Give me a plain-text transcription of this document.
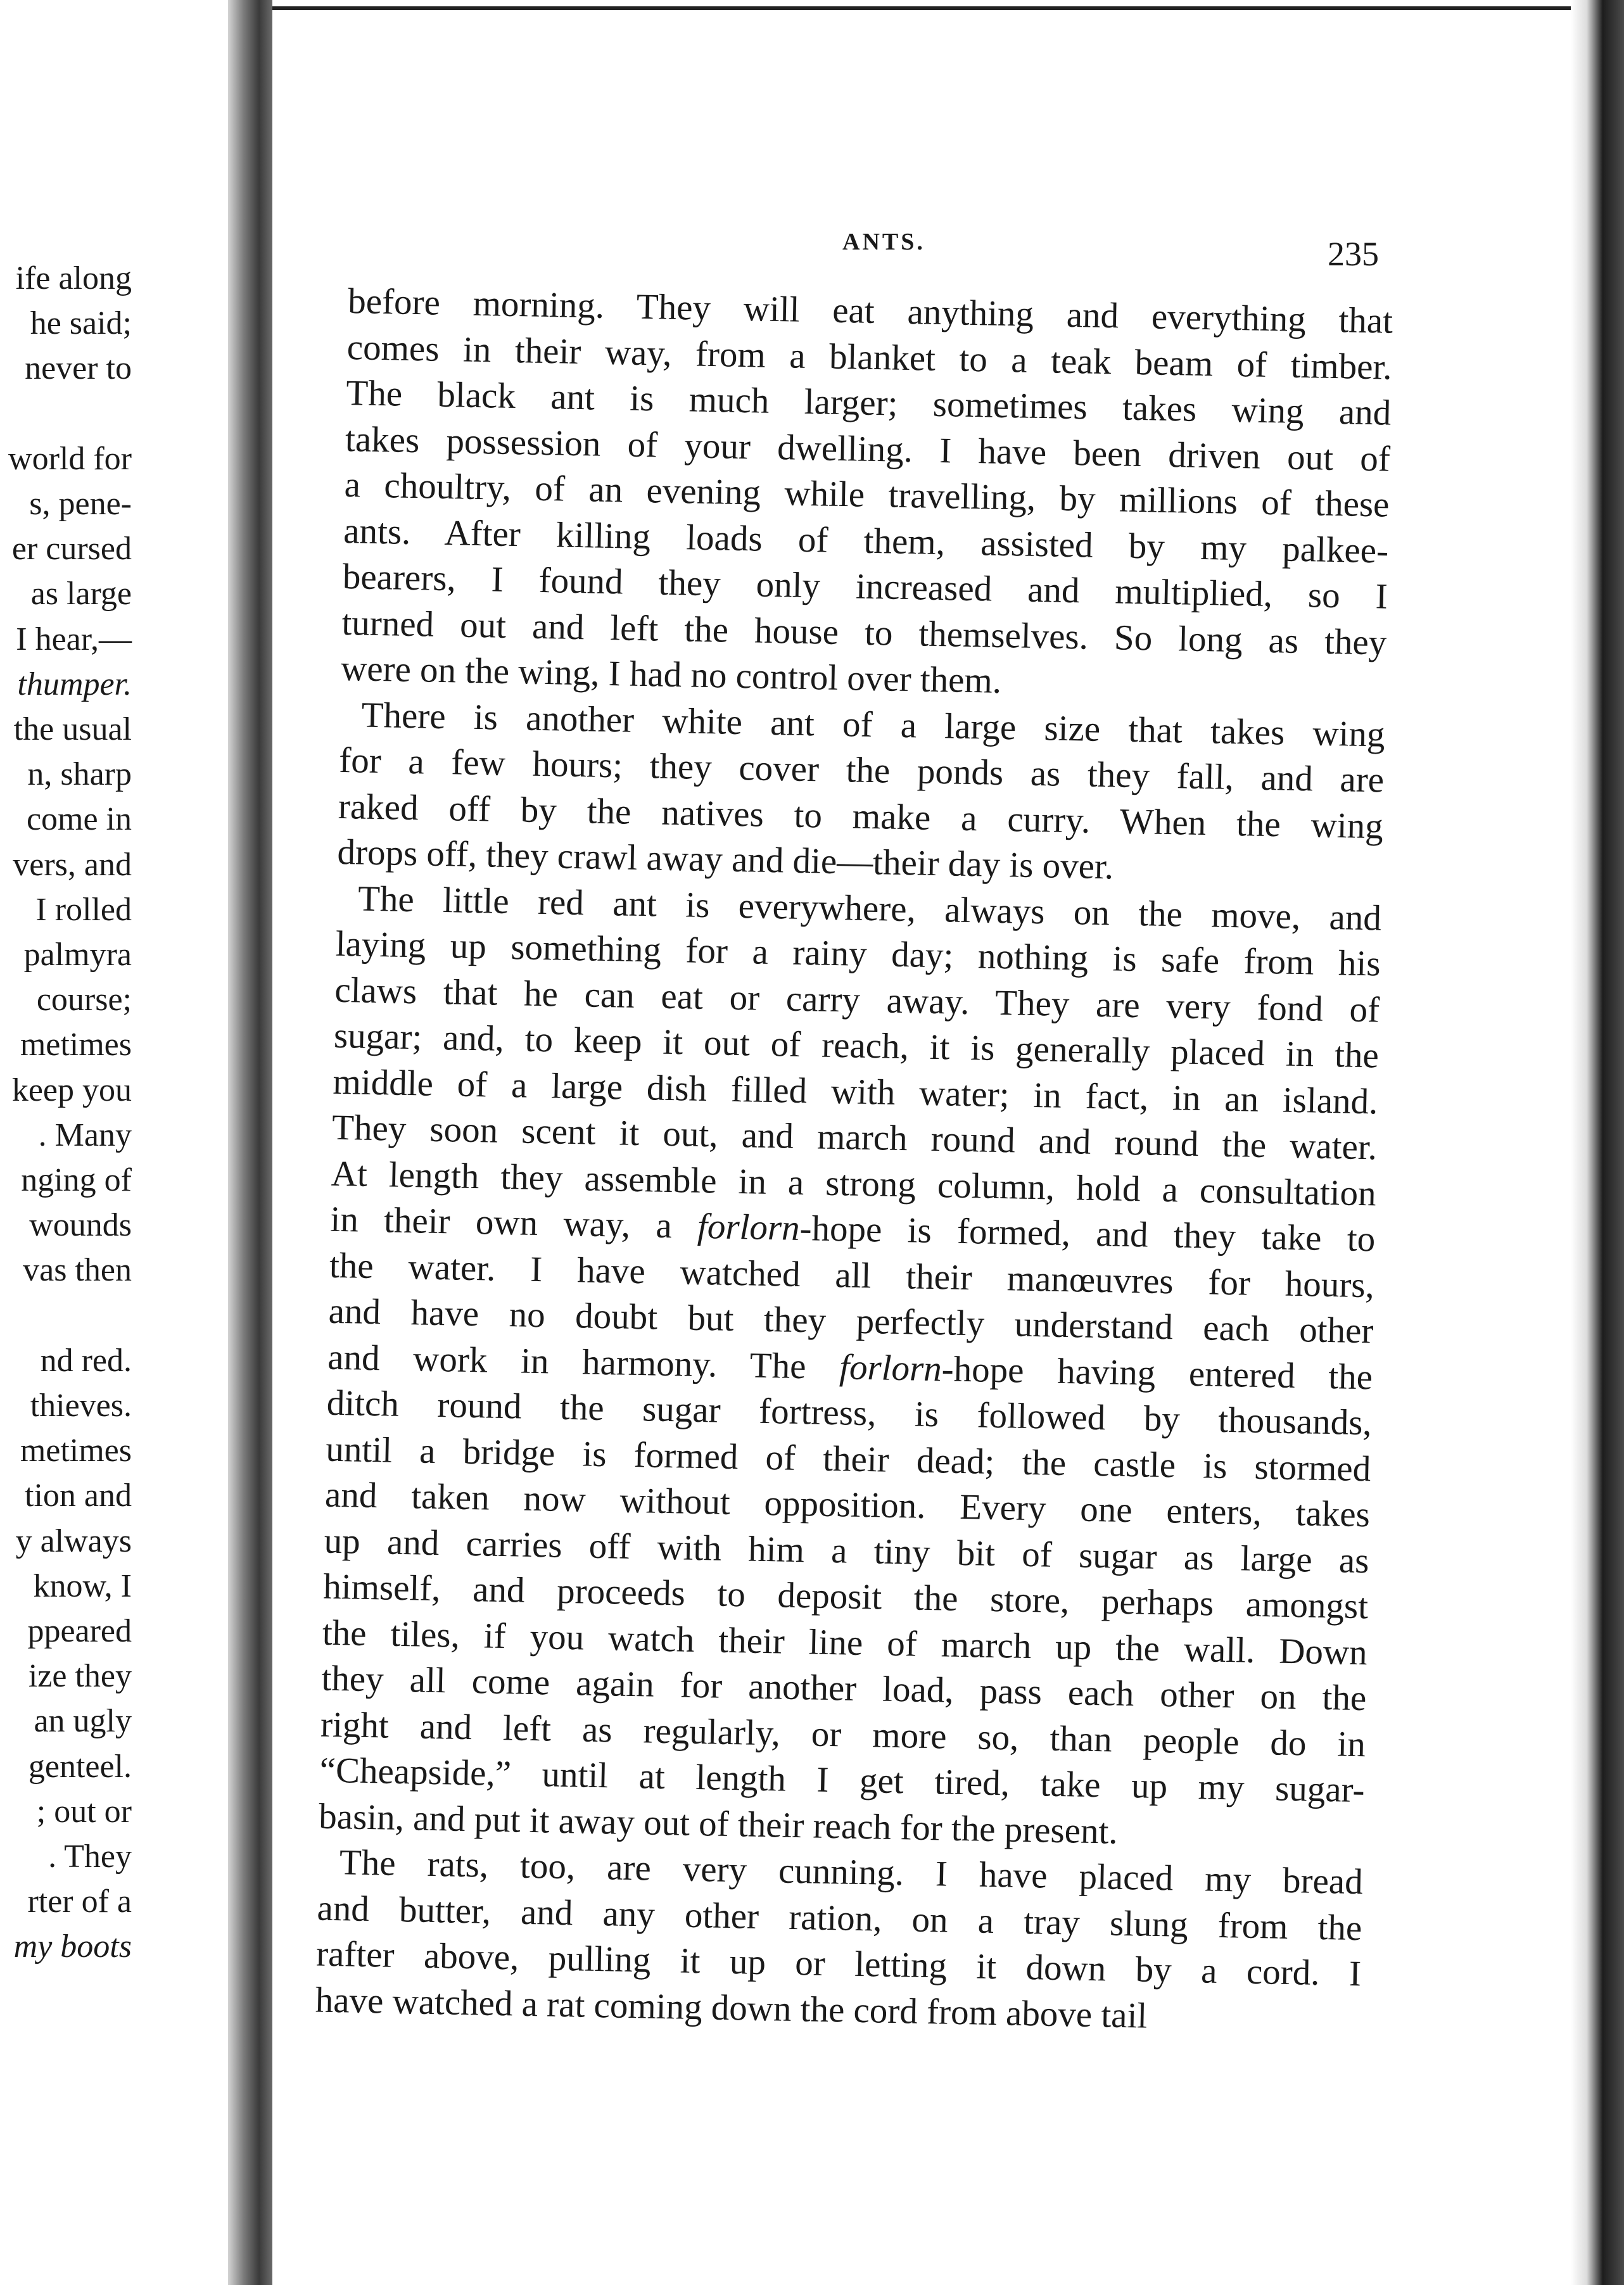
ife along
he said;
never to
world for
s, pene-
er cursed
as large
I hear,—
thumper.
the usual
n, sharp
come in
vers, and
I rolled
palmyra
course;
metimes
keep you
. Many
nging of
wounds
vas then
nd red.
thieves.
metimes
tion and
y always
know, I
ppeared
ize they
an ugly
genteel.
; out or
. They
rter of a
my boots
ANTS.	235
before morning. They will eat anything and everything that
comes in their way, from a blanket to a teak beam of timber.
The black ant is much larger; sometimes takes wing and
takes possession of your dwelling. I have been driven out of
a choultry, of an evening while travelling, by millions of these
ants. After killing loads of them, assisted by my palkee-
bearers, I found they only increased and multiplied, so I
turned out and left the house to themselves. So long as they
were on the wing, I had no control over them.
There is another white ant of a large size that takes wing
for a few hours; they cover the ponds as they fall, and are
raked off by the natives to make a curry. When the wing
drops off, they crawl away and die—their day is over.
The little red ant is everywhere, always on the move, and
laying up something for a rainy day; nothing is safe from his
claws that he can eat or carry away. They are very fond of
sugar; and, to keep it out of reach, it is generally placed in the
middle of a large dish filled with water; in fact, in an island.
They soon scent it out, and march round and round the water.
At length they assemble in a strong column, hold a consultation
in their own way, a forlorn-hope is formed, and they take to
the water. I have watched all their manœuvres for hours,
and have no doubt but they perfectly understand each other
and work in harmony. The forlorn-hope having entered the
ditch round the sugar fortress, is followed by thousands,
until a bridge is formed of their dead; the castle is stormed
and taken now without opposition. Every one enters, takes
up and carries off with him a tiny bit of sugar as large as
himself, and proceeds to deposit the store, perhaps amongst
the tiles, if you watch their line of march up the wall. Down
they all come again for another load, pass each other on the
right and left as regularly, or more so, than people do in
“Cheapside,” until at length I get tired, take up my sugar-
basin, and put it away out of their reach for the present.
The rats, too, are very cunning. I have placed my bread
and butter, and any other ration, on a tray slung from the
rafter above, pulling it up or letting it down by a cord. I
have watched a rat coming down the cord from above tail
